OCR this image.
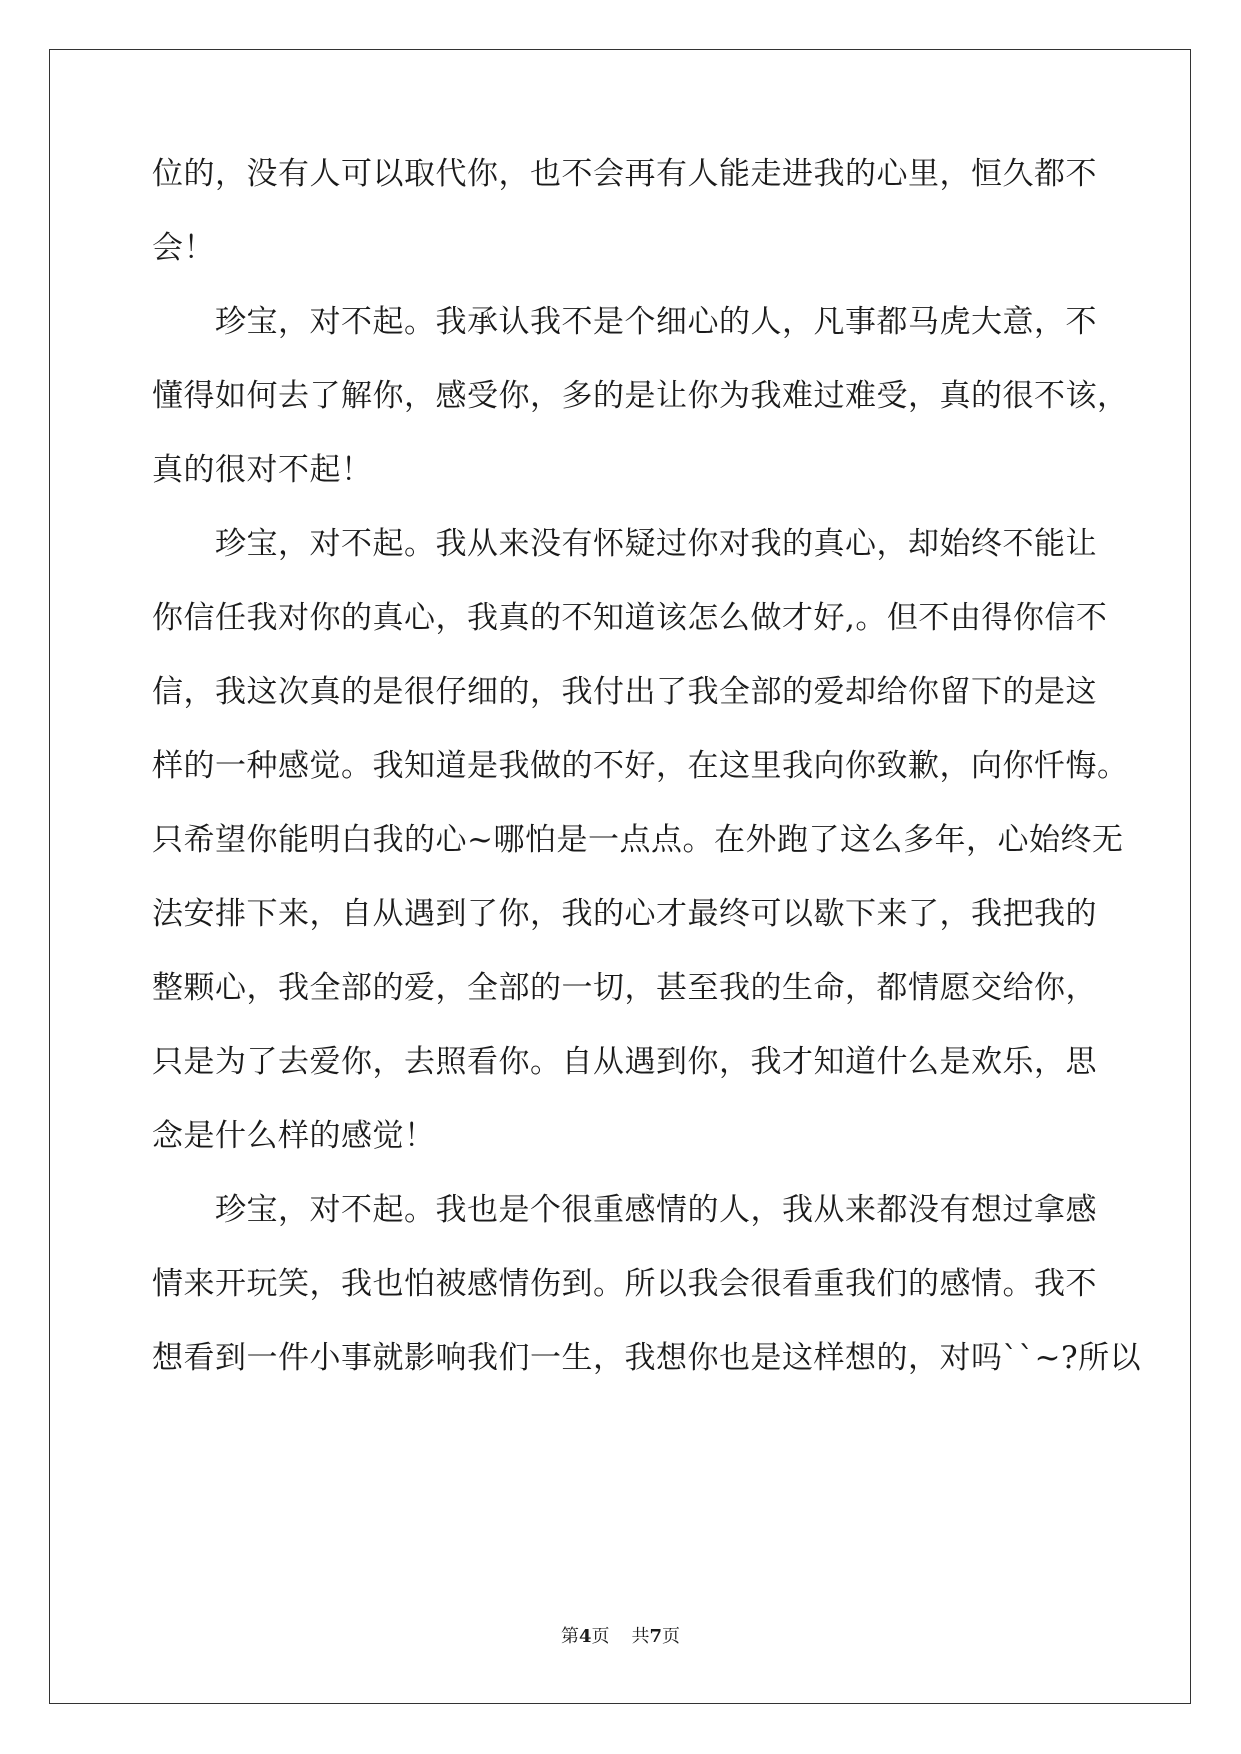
位的，没有人可以取代你，也不会再有人能走进我的心里，恒久都不

会！

珍宝，对不起。我承认我不是个细心的人，凡事都马虎大意，不

懂得如何去了解你，感受你，多的是让你为我难过难受，真的很不该，

真的很对不起！

珍宝，对不起。我从来没有怀疑过你对我的真心，却始终不能让

你信任我对你的真心，我真的不知道该怎么做才好,。但不由得你信不

信，我这次真的是很仔细的，我付出了我全部的爱却给你留下的是这

样的一种感觉。我知道是我做的不好，在这里我向你致歉，向你忏悔。

只希望你能明白我的心~哪怕是一点点。在外跑了这么多年，心始终无

法安排下来，自从遇到了你，我的心才最终可以歇下来了，我把我的

整颗心，我全部的爱，全部的一切，甚至我的生命，都情愿交给你，

只是为了去爱你，去照看你。自从遇到你，我才知道什么是欢乐，思

念是什么样的感觉！

珍宝，对不起。我也是个很重感情的人，我从来都没有想过拿感

情来开玩笑，我也怕被感情伤到。所以我会很看重我们的感情。我不

想看到一件小事就影响我们一生，我想你也是这样想的，对吗``~?所以

第4页 共7页
